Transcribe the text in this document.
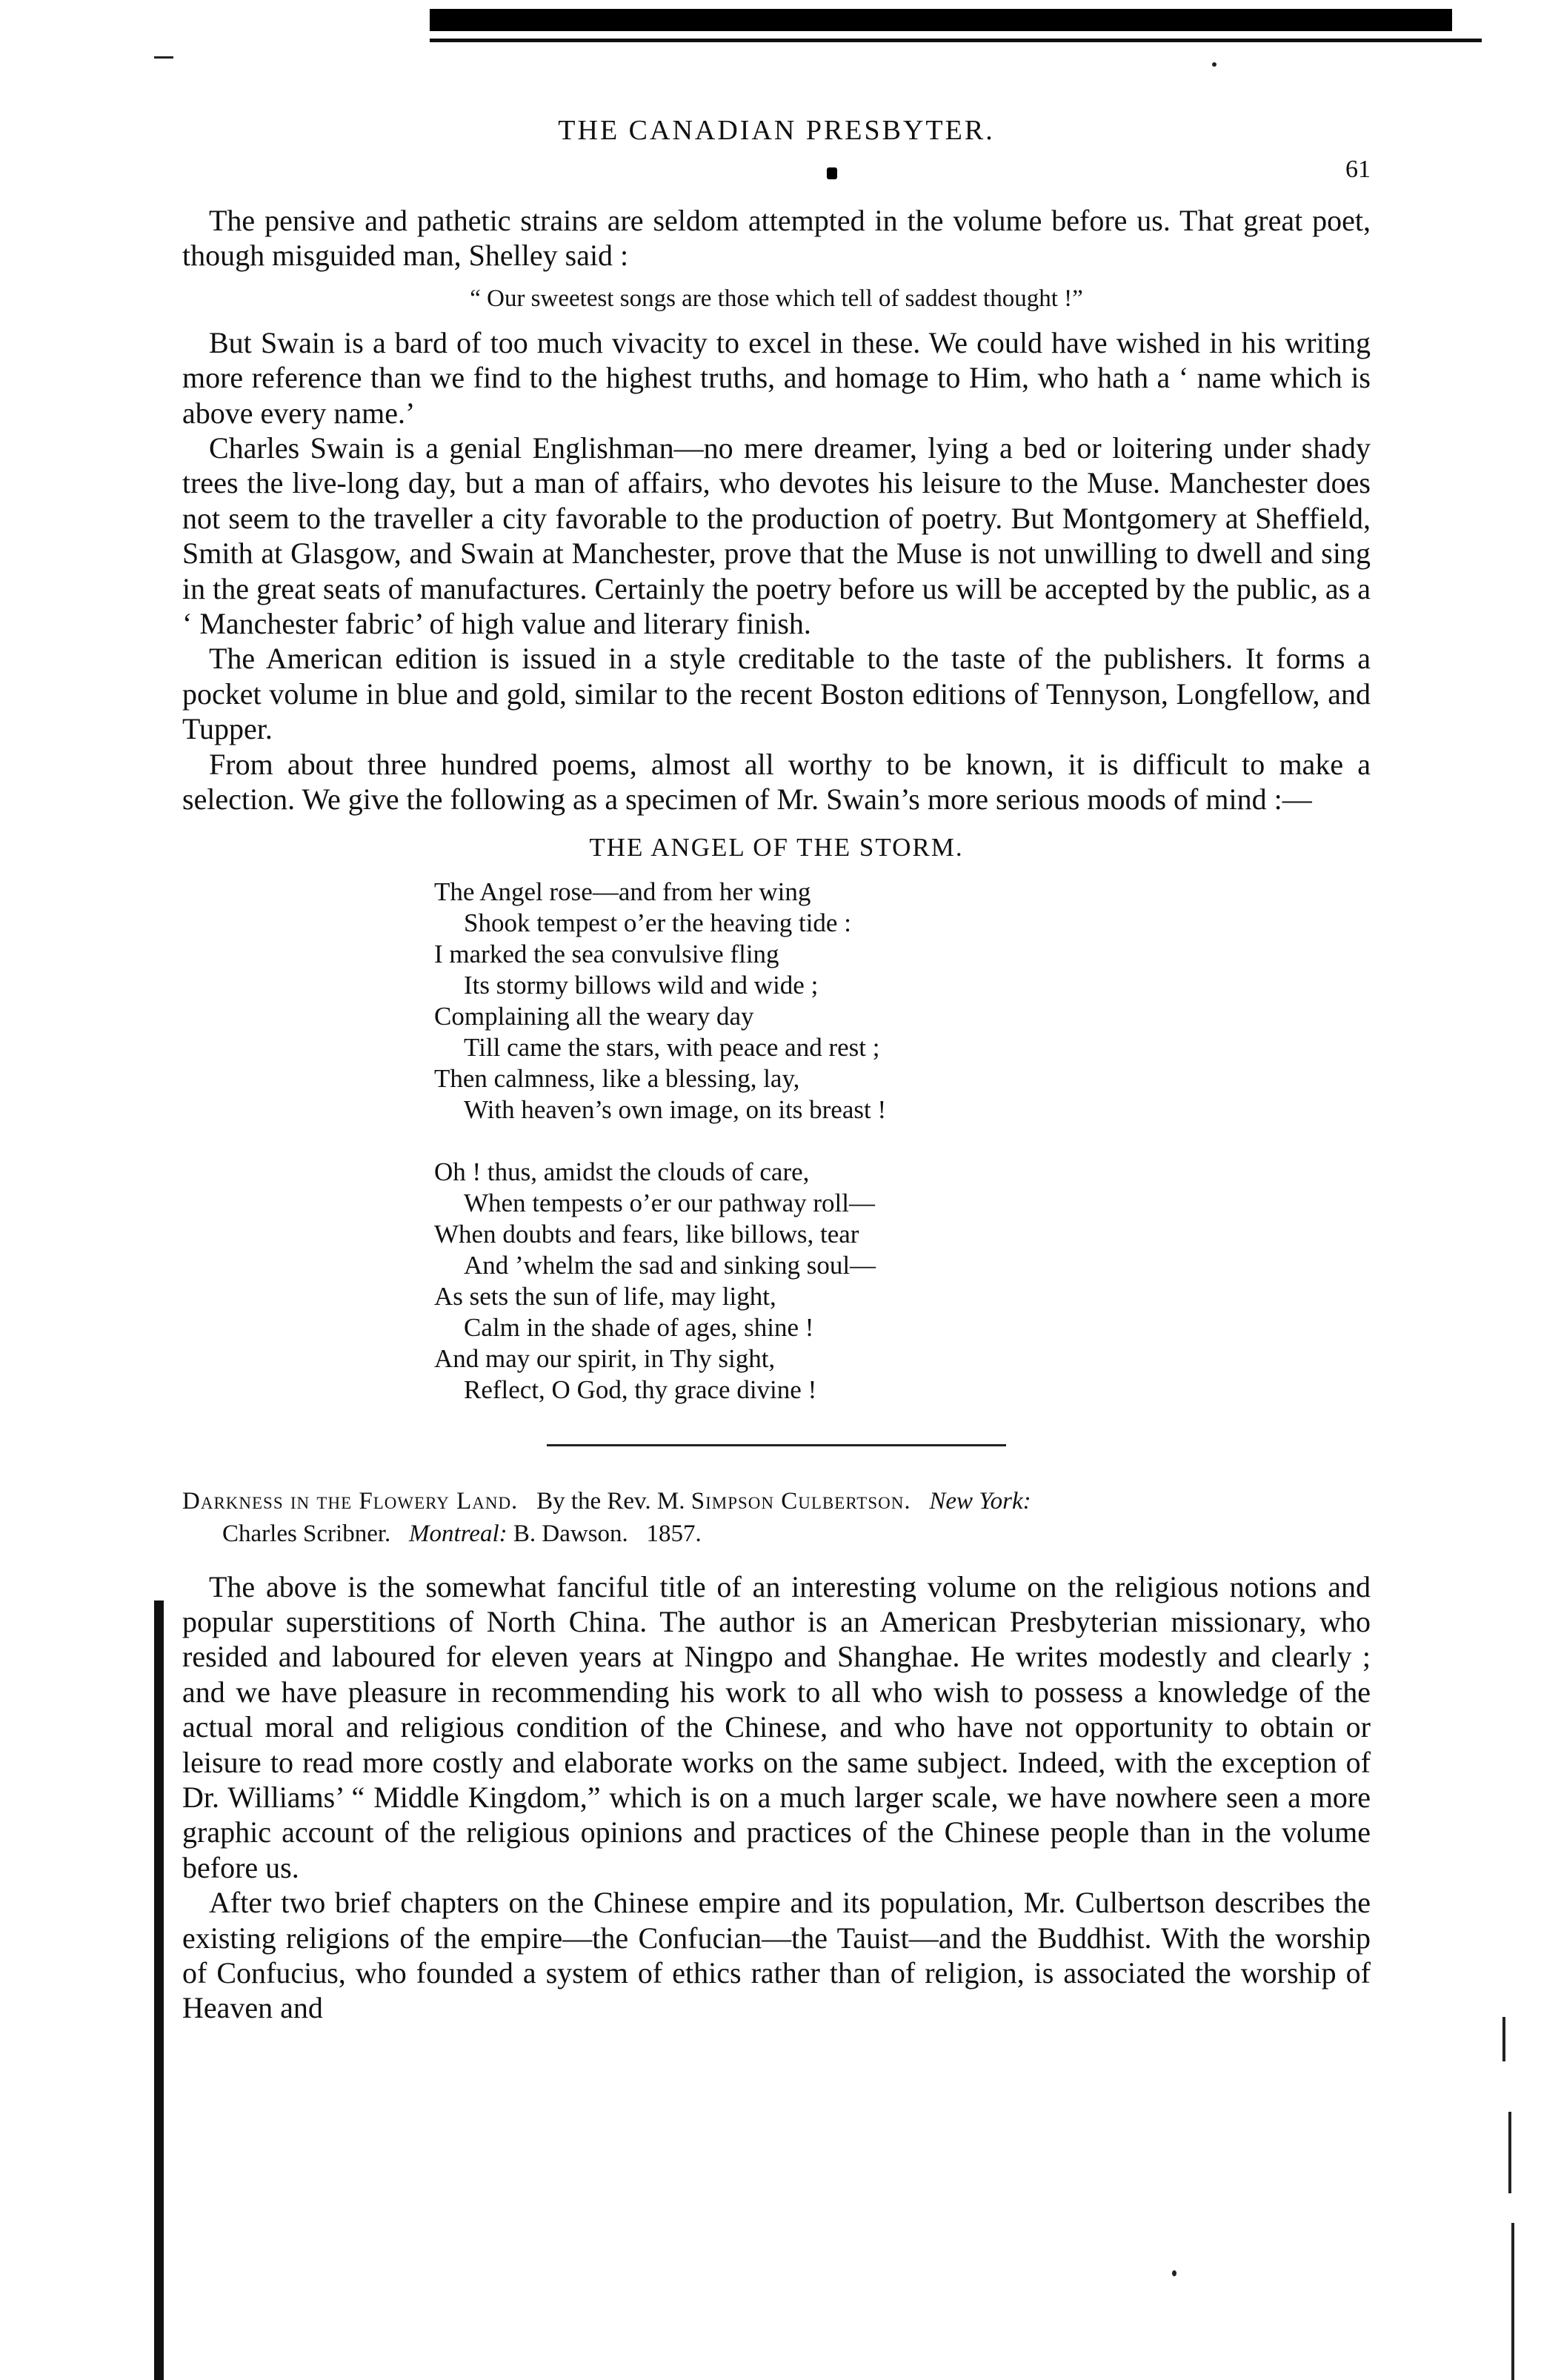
THE CANADIAN PRESBYTER.
61

The pensive and pathetic strains are seldom attempted in the volume before us. That great poet, though misguided man, Shelley said :

“ Our sweetest songs are those which tell of saddest thought !”

But Swain is a bard of too much vivacity to excel in these. We could have wished in his writing more reference than we find to the highest truths, and homage to Him, who hath a ‘ name which is above every name.’

Charles Swain is a genial Englishman—no mere dreamer, lying a bed or loitering under shady trees the live-long day, but a man of affairs, who devotes his leisure to the Muse. Manchester does not seem to the traveller a city favorable to the production of poetry. But Montgomery at Sheffield, Smith at Glasgow, and Swain at Manchester, prove that the Muse is not unwilling to dwell and sing in the great seats of manufactures. Certainly the poetry before us will be accepted by the public, as a ‘ Manchester fabric’ of high value and literary finish.

The American edition is issued in a style creditable to the taste of the publishers. It forms a pocket volume in blue and gold, similar to the recent Boston editions of Tennyson, Longfellow, and Tupper.

From about three hundred poems, almost all worthy to be known, it is difficult to make a selection. We give the following as a specimen of Mr. Swain’s more serious moods of mind :—

THE ANGEL OF THE STORM.
The Angel rose—and from her wing
Shook tempest o’er the heaving tide :
I marked the sea convulsive fling
Its stormy billows wild and wide ;
Complaining all the weary day
Till came the stars, with peace and rest ;
Then calmness, like a blessing, lay,
With heaven’s own image, on its breast !
Oh ! thus, amidst the clouds of care,
When tempests o’er our pathway roll—
When doubts and fears, like billows, tear
And ’whelm the sad and sinking soul—
As sets the sun of life, may light,
Calm in the shade of ages, shine !
And may our spirit, in Thy sight,
Reflect, O God, thy grace divine !
Darkness in the Flowery Land. By the Rev. M. Simpson Culbertson. New York:
Charles Scribner. Montreal: B. Dawson. 1857.

The above is the somewhat fanciful title of an interesting volume on the religious notions and popular superstitions of North China. The author is an American Presbyterian missionary, who resided and laboured for eleven years at Ningpo and Shanghae. He writes modestly and clearly ; and we have pleasure in recommending his work to all who wish to possess a knowledge of the actual moral and religious condition of the Chinese, and who have not opportunity to obtain or leisure to read more costly and elaborate works on the same subject. Indeed, with the exception of Dr. Williams’ “ Middle Kingdom,” which is on a much larger scale, we have nowhere seen a more graphic account of the religious opinions and practices of the Chinese people than in the volume before us.

After two brief chapters on the Chinese empire and its population, Mr. Culbertson describes the existing religions of the empire—the Confucian—the Tauist—and the Buddhist. With the worship of Confucius, who founded a system of ethics rather than of religion, is associated the worship of Heaven and
